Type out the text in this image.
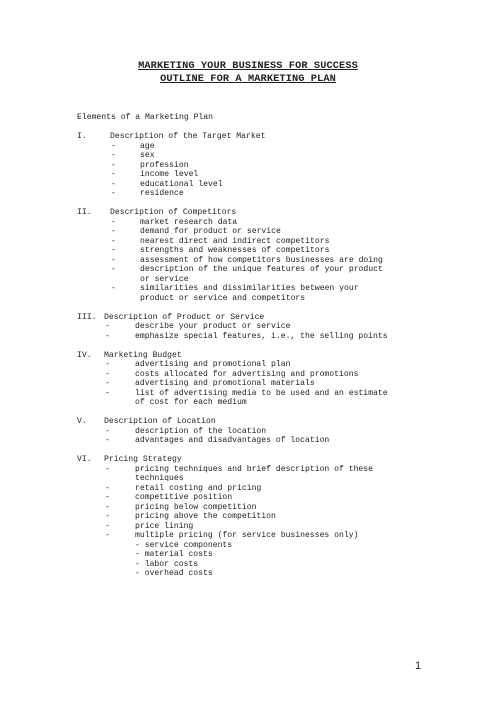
MARKETING YOUR BUSINESS FOR SUCCESS
OUTLINE FOR A MARKETING PLAN
Elements of a Marketing Plan
I.	Description of the Target Market
-	age
-	sex
-	profession
-	income level
-	educational level
-	residence
II. Description of Competitors
-	market research data
-	demand for product or service
-	nearest direct and indirect competitors
-	strengths and weaknesses of competitors
-	assessment of how competitors businesses are doing
-	description of the unique features of your product
or service
-	similarities and dissimilarities between your
product or service and competitors
III. Description of Product or Service
-	describe your product or service
-	emphasize special features, i.e., the selling points
IV. Marketing Budget
-	advertising and promotional plan
-	costs allocated for advertising and promotions
-	advertising and promotional materials
-	list of advertising media to be used and an estimate
of cost for each medium
V. Description of Location
-	description of the location
-	advantages and disadvantages of location
VI. Pricing Strategy
-	pricing techniques and brief description of these
techniques
-	retail costing and pricing
-	competitive position
-	pricing below competition
-	pricing above the competition
-	price lining
-	multiple pricing (for service businesses only)
- service components
- material costs
- labor costs
- overhead costs
1
